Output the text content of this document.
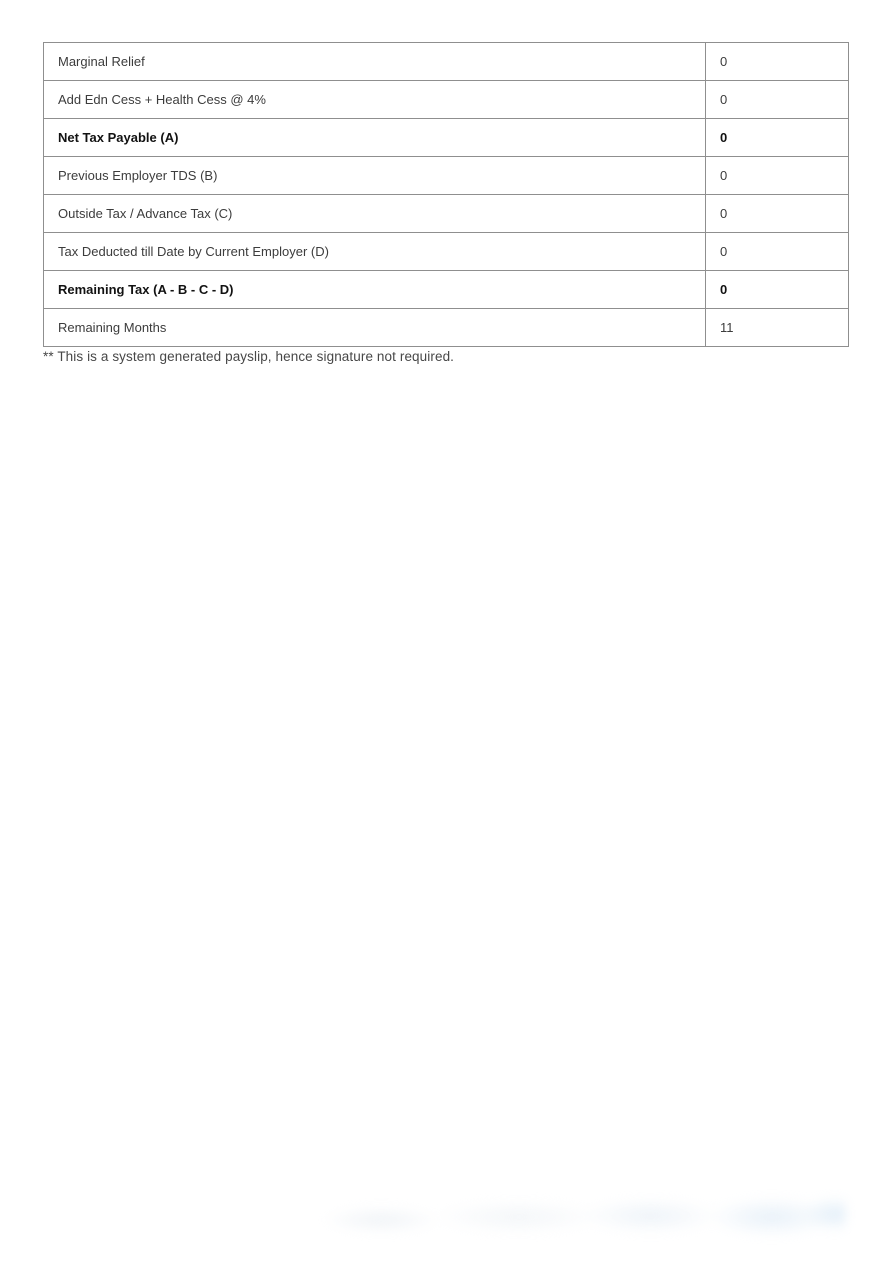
Marginal Relief	0
Add Edn Cess + Health Cess @ 4%	0
Net Tax Payable (A)	0
Previous Employer TDS (B)	0
Outside Tax / Advance Tax (C)	0
Tax Deducted till Date by Current Employer (D)	0
Remaining Tax (A - B - C - D)	0
Remaining Months	11
** This is a system generated payslip, hence signature not required.
